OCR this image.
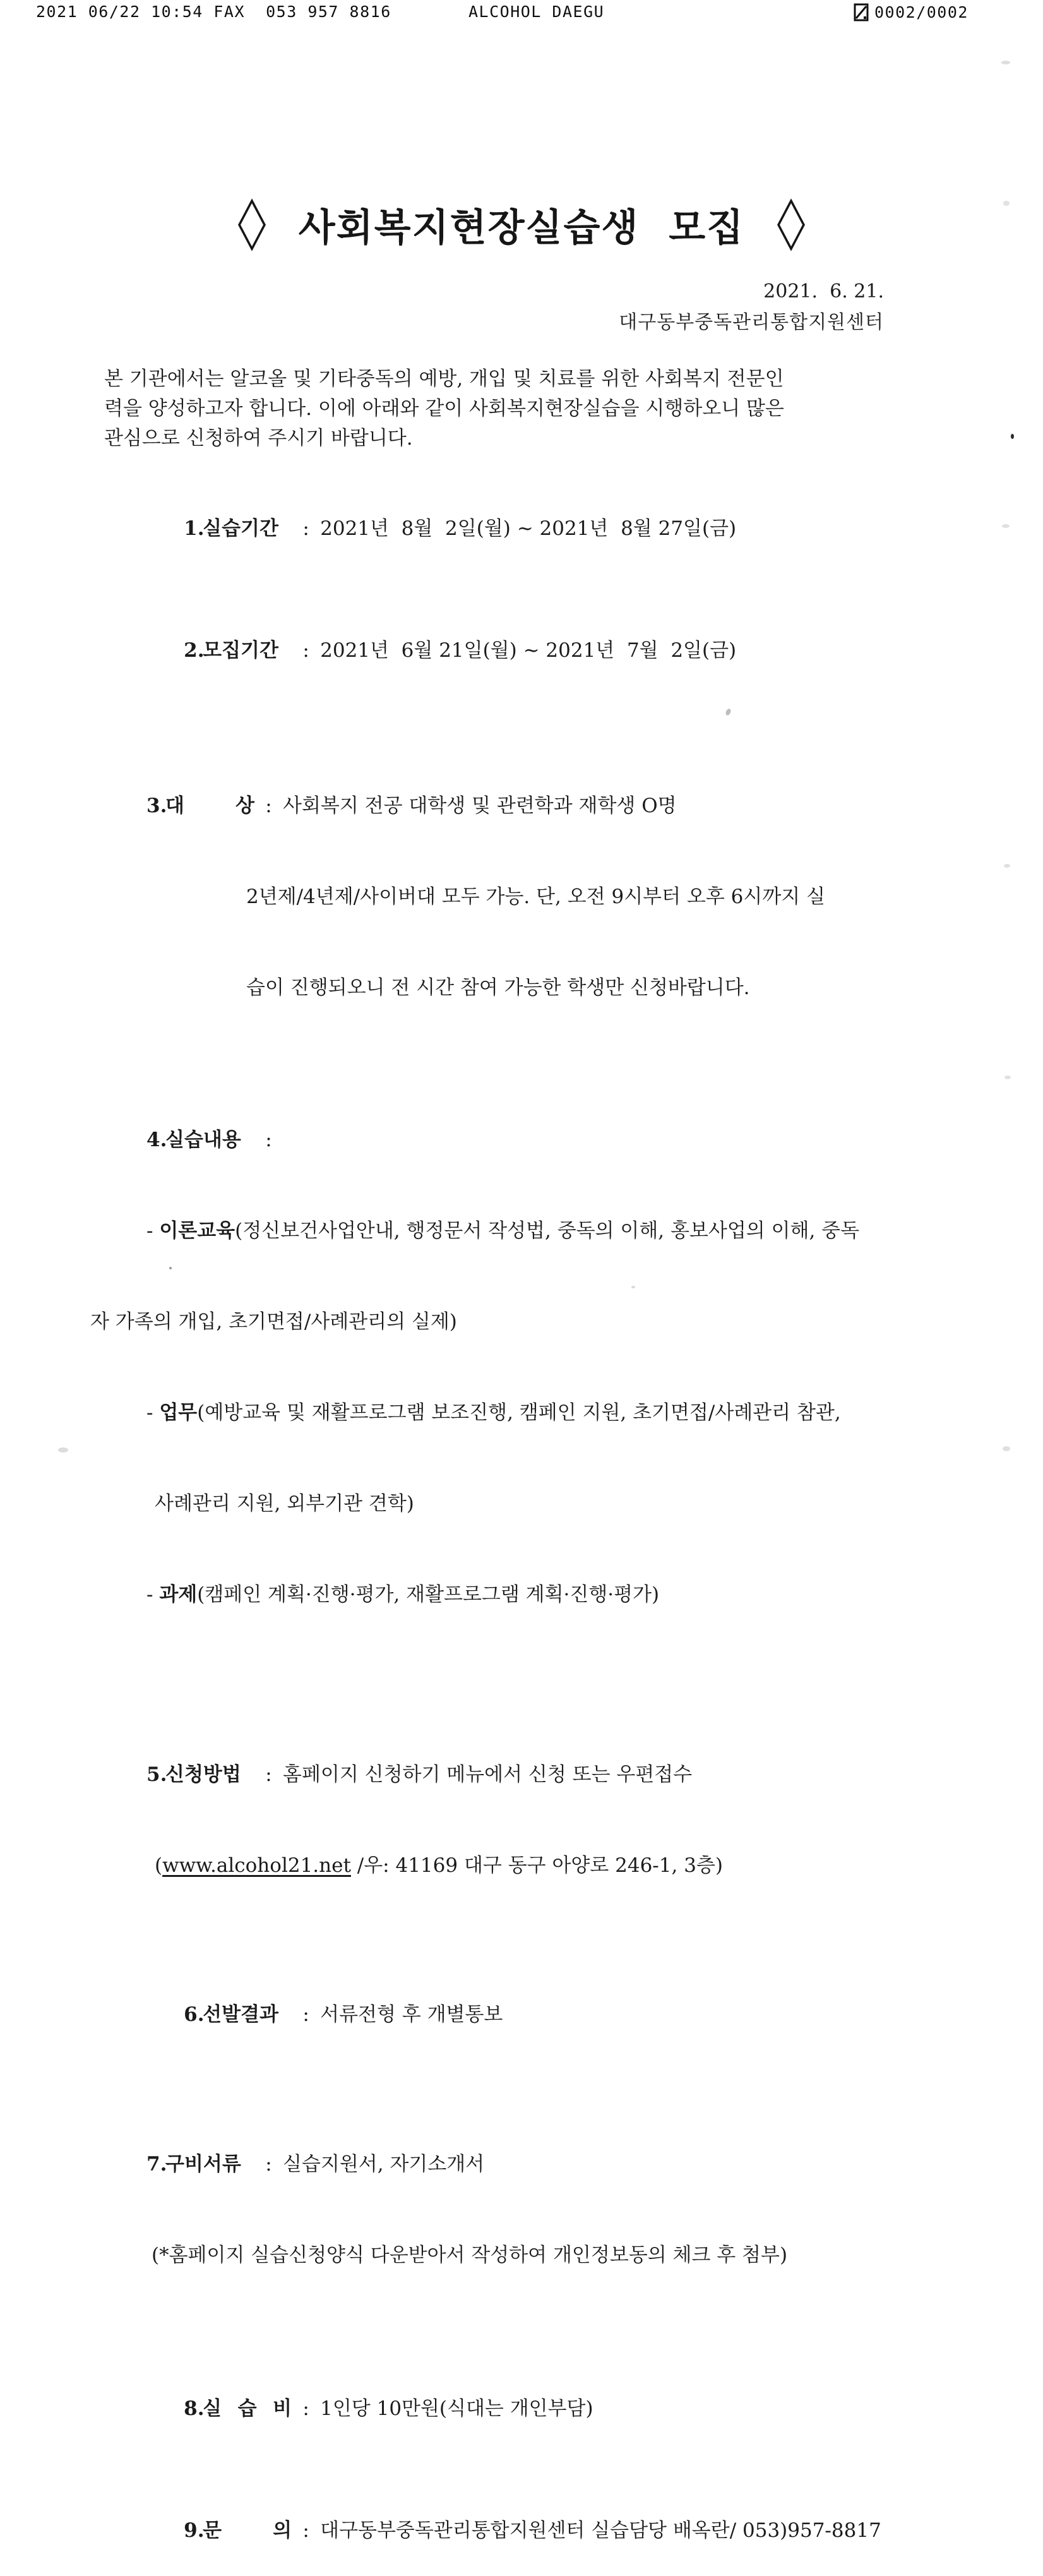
2021 06/22 10:54 FAX  053 957 8816	ALCOHOL DAEGU	0002/0002
사회복지현장실습생 모집
2021.  6. 21.
대구동부중독관리통합지원센터
본 기관에서는 알코올 및 기타중독의 예방, 개입 및 치료를 위한 사회복지 전문인
력을 양성하고자 합니다. 이에 아래와 같이 사회복지현장실습을 시행하오니 많은
관심으로 신청하여 주시기 바랍니다.

1.실습기간 : 2021년  8월  2일(월) ~ 2021년  8월 27일(금)

2.모집기간 : 2021년  6월 21일(월) ~ 2021년  7월  2일(금)

3.대 상 : 사회복지 전공 대학생 및 관련학과 재학생 O명

2년제/4년제/사이버대 모두 가능. 단, 오전 9시부터 오후 6시까지 실

습이 진행되오니 전 시간 참여 가능한 학생만 신청바랍니다.

4.실습내용 :

- 이론교육(정신보건사업안내, 행정문서 작성법, 중독의 이해, 홍보사업의 이해, 중독

자 가족의 개입, 초기면접/사례관리의 실제)

- 업무(예방교육 및 재활프로그램 보조진행, 캠페인 지원, 초기면접/사례관리 참관,

사례관리 지원, 외부기관 견학)

- 과제(캠페인 계획·진행·평가, 재활프로그램 계획·진행·평가)

5.신청방법 : 홈페이지 신청하기 메뉴에서 신청 또는 우편접수

(www.alcohol21.net /우: 41169 대구 동구 아양로 246-1, 3층)

6.선발결과 : 서류전형 후 개별통보

7.구비서류 : 실습지원서, 자기소개서

(*홈페이지 실습신청양식 다운받아서 작성하여 개인정보동의 체크 후 첨부)

8.실 습 비 : 1인당 10만원(식대는 개인부담)

9.문 의 : 대구동부중독관리통합지원센터 실습담당 배옥란/ 053)957-8817
